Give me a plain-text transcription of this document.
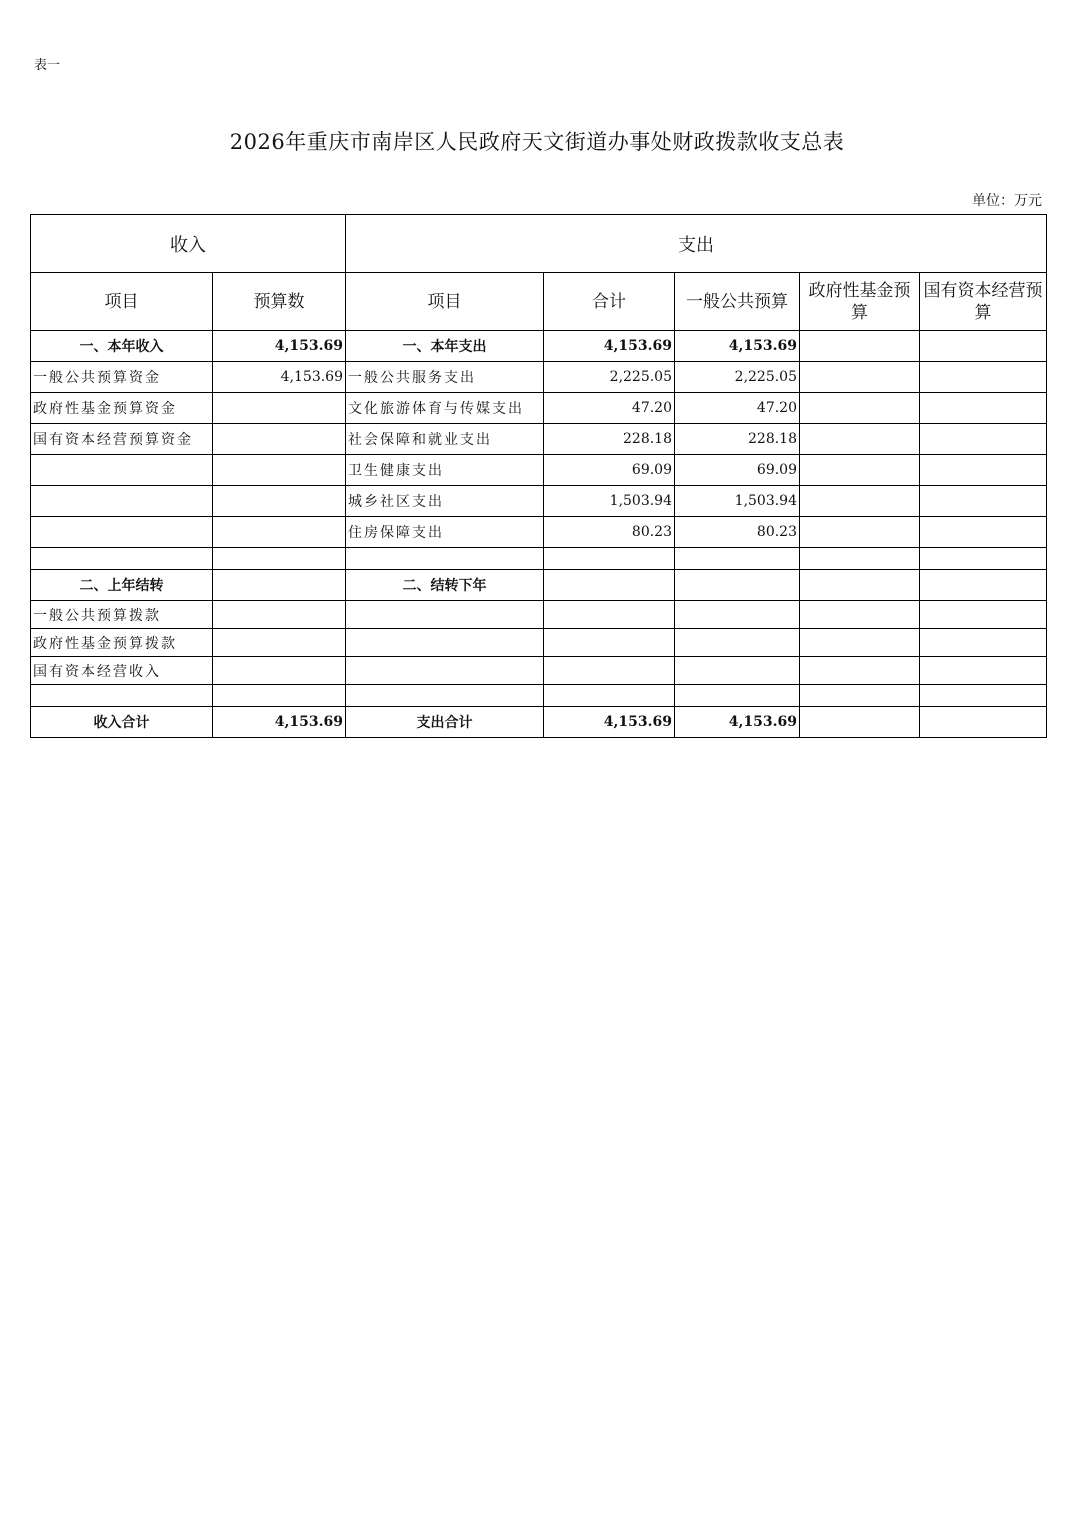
表一
2026年重庆市南岸区人民政府天文街道办事处财政拨款收支总表
单位：万元
收入		支出				
项目	预算数	项目	合计	一般公共预算	政府性基金预算	国有资本经营预算
一、本年收入	4,153.69	一、本年支出	4,153.69	4,153.69		
一般公共预算资金	4,153.69	一般公共服务支出	2,225.05	2,225.05		
政府性基金预算资金		文化旅游体育与传媒支出	47.20	47.20		
国有资本经营预算资金		社会保障和就业支出	228.18	228.18		
		卫生健康支出	69.09	69.09		
		城乡社区支出	1,503.94	1,503.94		
		住房保障支出	80.23	80.23		

二、上年结转		二、结转下年				
一般公共预算拨款						
政府性基金预算拨款						
国有资本经营收入						

收入合计	4,153.69	支出合计	4,153.69	4,153.69		
